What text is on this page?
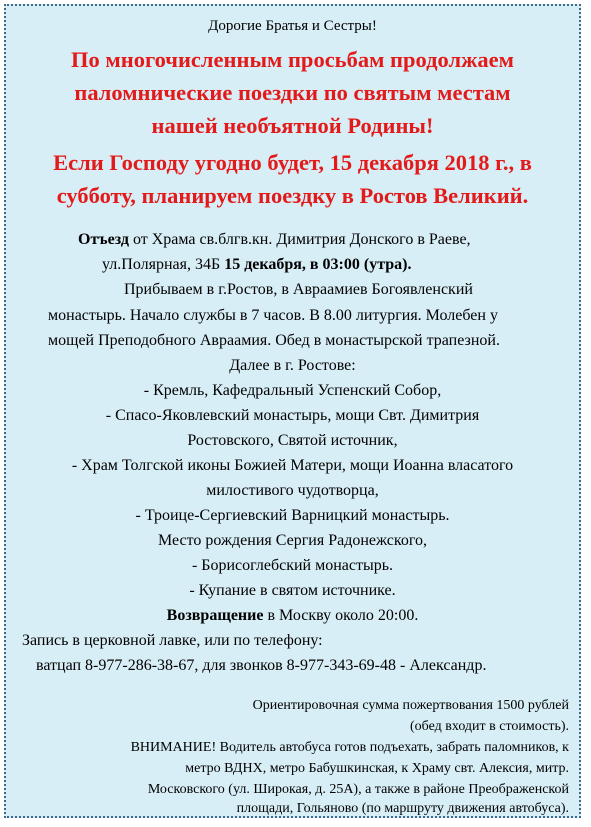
Дорогие Братья и Сестры!
По многочисленным просьбам продолжаем
паломнические поездки по святым местам
нашей необъятной Родины!
Если Господу угодно будет, 15 декабря 2018 г., в
субботу, планируем поездку в Ростов Великий.
Отъезд от Храма св.блгв.кн. Димитрия Донского в Раеве,
ул.Полярная, 34Б 15 декабря, в 03:00 (утра).
Прибываем в г.Ростов, в Авраамиев Богоявленский
монастырь. Начало службы в 7 часов. В 8.00 литургия. Молебен у
мощей Преподобного Авраамия. Обед в монастырской трапезной.
Далее в г. Ростове:
- Кремль, Кафедральный Успенский Собор,
- Спасо-Яковлевский монастырь, мощи Свт. Димитрия
Ростовского, Святой источник,
- Храм Толгской иконы Божией Матери, мощи Иоанна власатого
милостивого чудотворца,
- Троице-Сергиевский Варницкий монастырь.
Место рождения Сергия Радонежского,
- Борисоглебский монастырь.
- Купание в святом источнике.
Возвращение в Москву около 20:00.
Запись в церковной лавке, или по телефону:
ватцап 8-977-286-38-67, для звонков 8-977-343-69-48 - Александр.
Ориентировочная сумма пожертвования 1500 рублей
(обед входит в стоимость).
ВНИМАНИЕ! Водитель автобуса готов подъехать, забрать паломников, к
метро ВДНХ, метро Бабушкинская, к Храму свт. Алексия, митр.
Московского (ул. Широкая, д. 25А), а также в районе Преображенской
площади, Гольяново (по маршруту движения автобуса).
